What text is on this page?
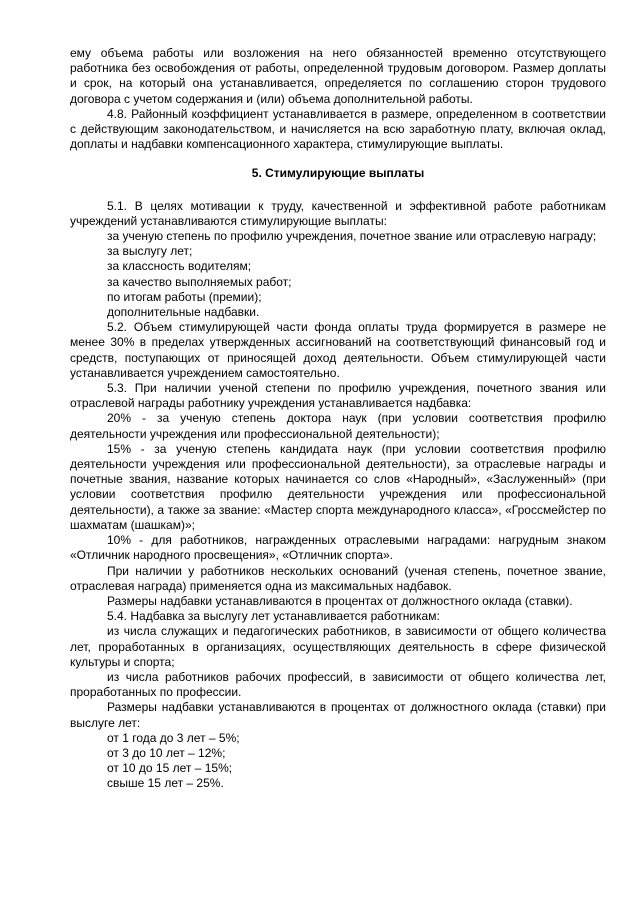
ему объема работы или возложения на него обязанностей временно отсутствующего работника без освобождения от работы, определенной трудовым договором. Размер доплаты и срок, на который она устанавливается, определяется по соглашению сторон трудового договора с учетом содержания и (или) объема дополнительной работы.

4.8. Районный коэффициент устанавливается в размере, определенном в соответствии с действующим законодательством, и начисляется на всю заработную плату, включая оклад, доплаты и надбавки компенсационного характера, стимулирующие выплаты.

5. Стимулирующие выплаты

5.1. В целях мотивации к труду, качественной и эффективной работе работникам учреждений устанавливаются стимулирующие выплаты:

за ученую степень по профилю учреждения, почетное звание или отраслевую награду;

за выслугу лет;

за классность водителям;

за качество выполняемых работ;

по итогам работы (премии);

дополнительные надбавки.

5.2. Объем стимулирующей части фонда оплаты труда формируется в размере не менее 30% в пределах утвержденных ассигнований на соответствующий финансовый год и средств, поступающих от приносящей доход деятельности. Объем стимулирующей части устанавливается учреждением самостоятельно.

5.3. При наличии ученой степени по профилю учреждения, почетного звания или отраслевой награды работнику учреждения устанавливается надбавка:

20% - за ученую степень доктора наук (при условии соответствия профилю деятельности учреждения или профессиональной деятельности);

15% - за ученую степень кандидата наук (при условии соответствия профилю деятельности учреждения или профессиональной деятельности), за отраслевые награды и почетные звания, название которых начинается со слов «Народный», «Заслуженный» (при условии соответствия профилю деятельности учреждения или профессиональной деятельности), а также за звание: «Мастер спорта международного класса», «Гроссмейстер по шахматам (шашкам)»;

10% - для работников, награжденных отраслевыми наградами: нагрудным знаком «Отличник народного просвещения», «Отличник спорта».

При наличии у работников нескольких оснований (ученая степень, почетное звание, отраслевая награда) применяется одна из максимальных надбавок.

Размеры надбавки устанавливаются в процентах от должностного оклада (ставки).

5.4. Надбавка за выслугу лет устанавливается работникам:

из числа служащих и педагогических работников, в зависимости от общего количества лет, проработанных в организациях, осуществляющих деятельность в сфере физической культуры и спорта;

из числа работников рабочих профессий, в зависимости от общего количества лет, проработанных по профессии.

Размеры надбавки устанавливаются в процентах от должностного оклада (ставки) при выслуге лет:

от 1 года до 3 лет – 5%;

от 3 до 10 лет – 12%;

от 10 до 15 лет – 15%;

свыше 15 лет – 25%.
